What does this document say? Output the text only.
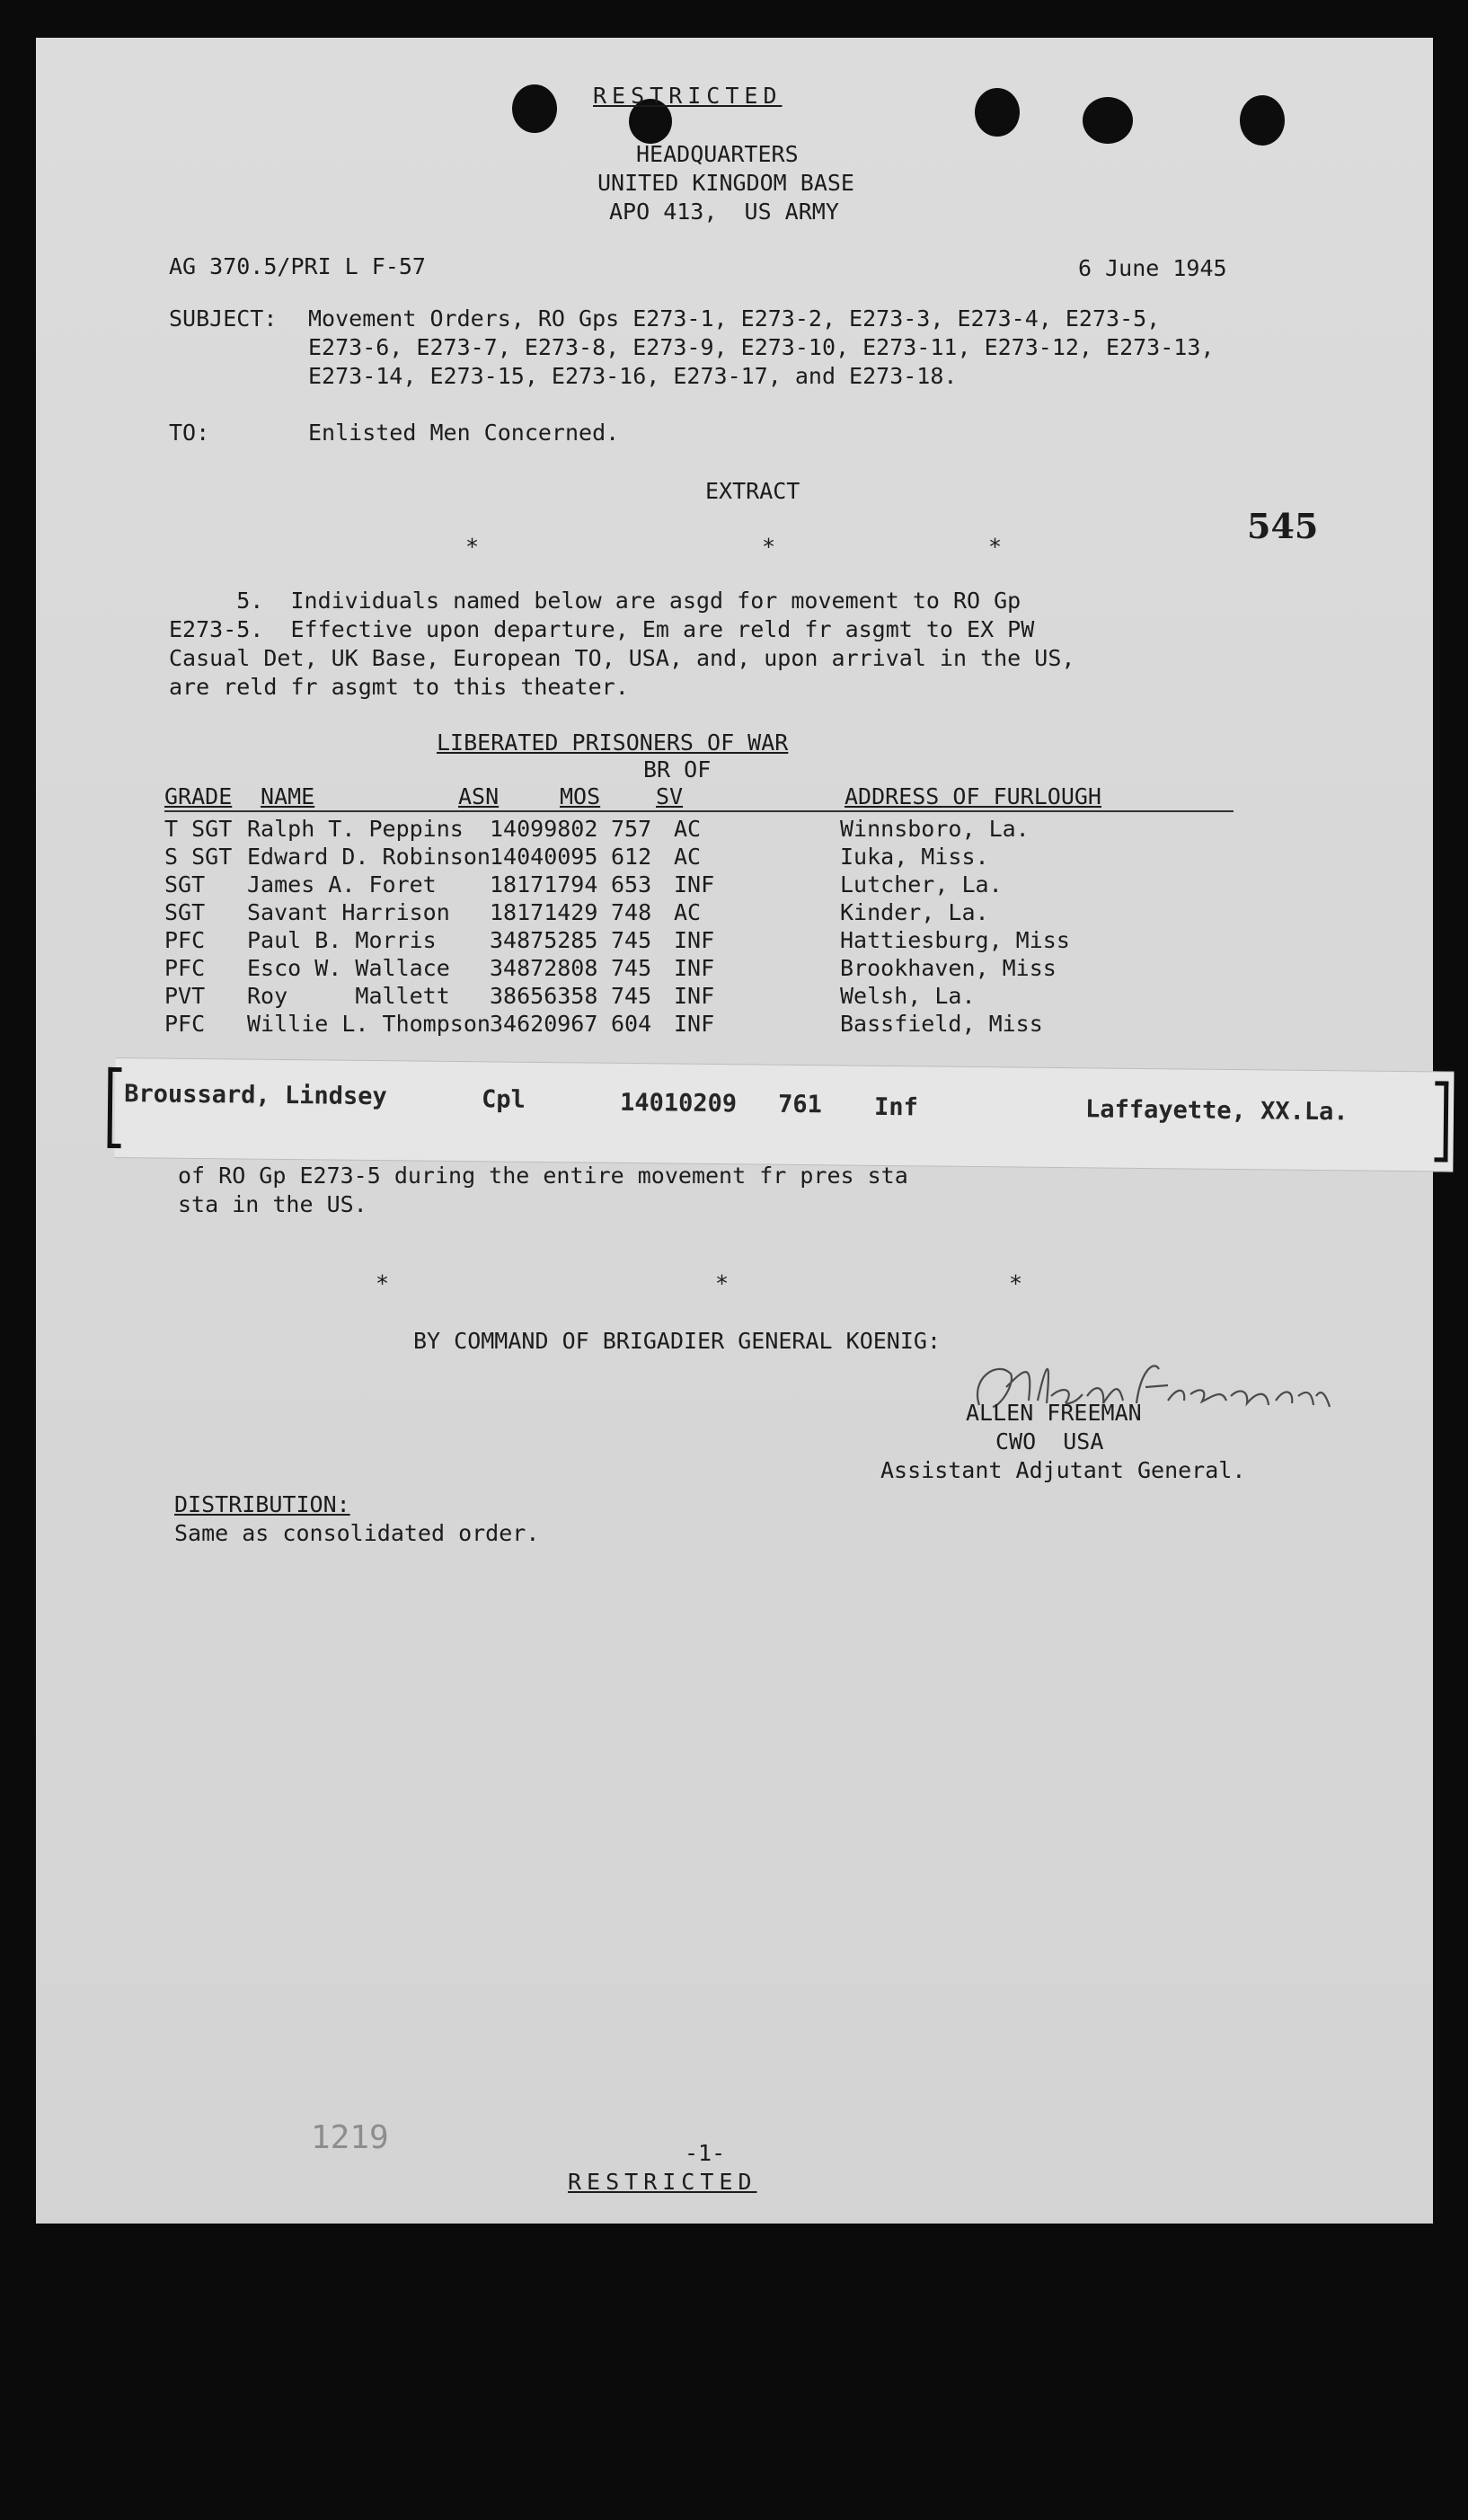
RESTRICTED
HEADQUARTERS
UNITED KINGDOM BASE
APO 413,  US ARMY
AG 370.5/PRI L F-57	6 June 1945
SUBJECT: Movement Orders, RO Gps E273-1, E273-2, E273-3, E273-4, E273-5,
E273-6, E273-7, E273-8, E273-9, E273-10, E273-11, E273-12, E273-13,
E273-14, E273-15, E273-16, E273-17, and E273-18.
TO:	Enlisted Men Concerned.
EXTRACT
*	*	*
545
5.  Individuals named below are asgd for movement to RO Gp
E273-5.  Effective upon departure, Em are reld fr asgmt to EX PW
Casual Det, UK Base, European TO, USA, and, upon arrival in the US,
are reld fr asgmt to this theater.
LIBERATED PRISONERS OF WAR
BR OF
GRADE NAME	ASN	MOS SV	ADDRESS OF FURLOUGH
T SGT Ralph T. Peppins 14099802 757 AC	Winnsboro, La.
S SGT Edward D. Robinson 14040095 612 AC	Iuka, Miss.
SGT James A. Foret 18171794 653 INF	Lutcher, La.
SGT Savant Harrison 18171429 748 AC	Kinder, La.
PFC Paul B. Morris 34875285 745 INF	Hattiesburg, Miss
PFC Esco W. Wallace 34872808 745 INF	Brookhaven, Miss
PVT Roy     Mallett 38656358 745 INF	Welsh, La.
PFC Willie L. Thompson 34620967 604 INF	Bassfield, Miss
Broussard, Lindsey	Cpl	14010209 761 Inf	Laffayette, XX.La.
of RO Gp E273-5 during the entire movement fr pres sta
sta in the US.
*	*	*
BY COMMAND OF BRIGADIER GENERAL KOENIG:
ALLEN FREEMAN
CWO  USA
Assistant Adjutant General.
DISTRIBUTION:
Same as consolidated order.
1219	-1-
RESTRICTED
